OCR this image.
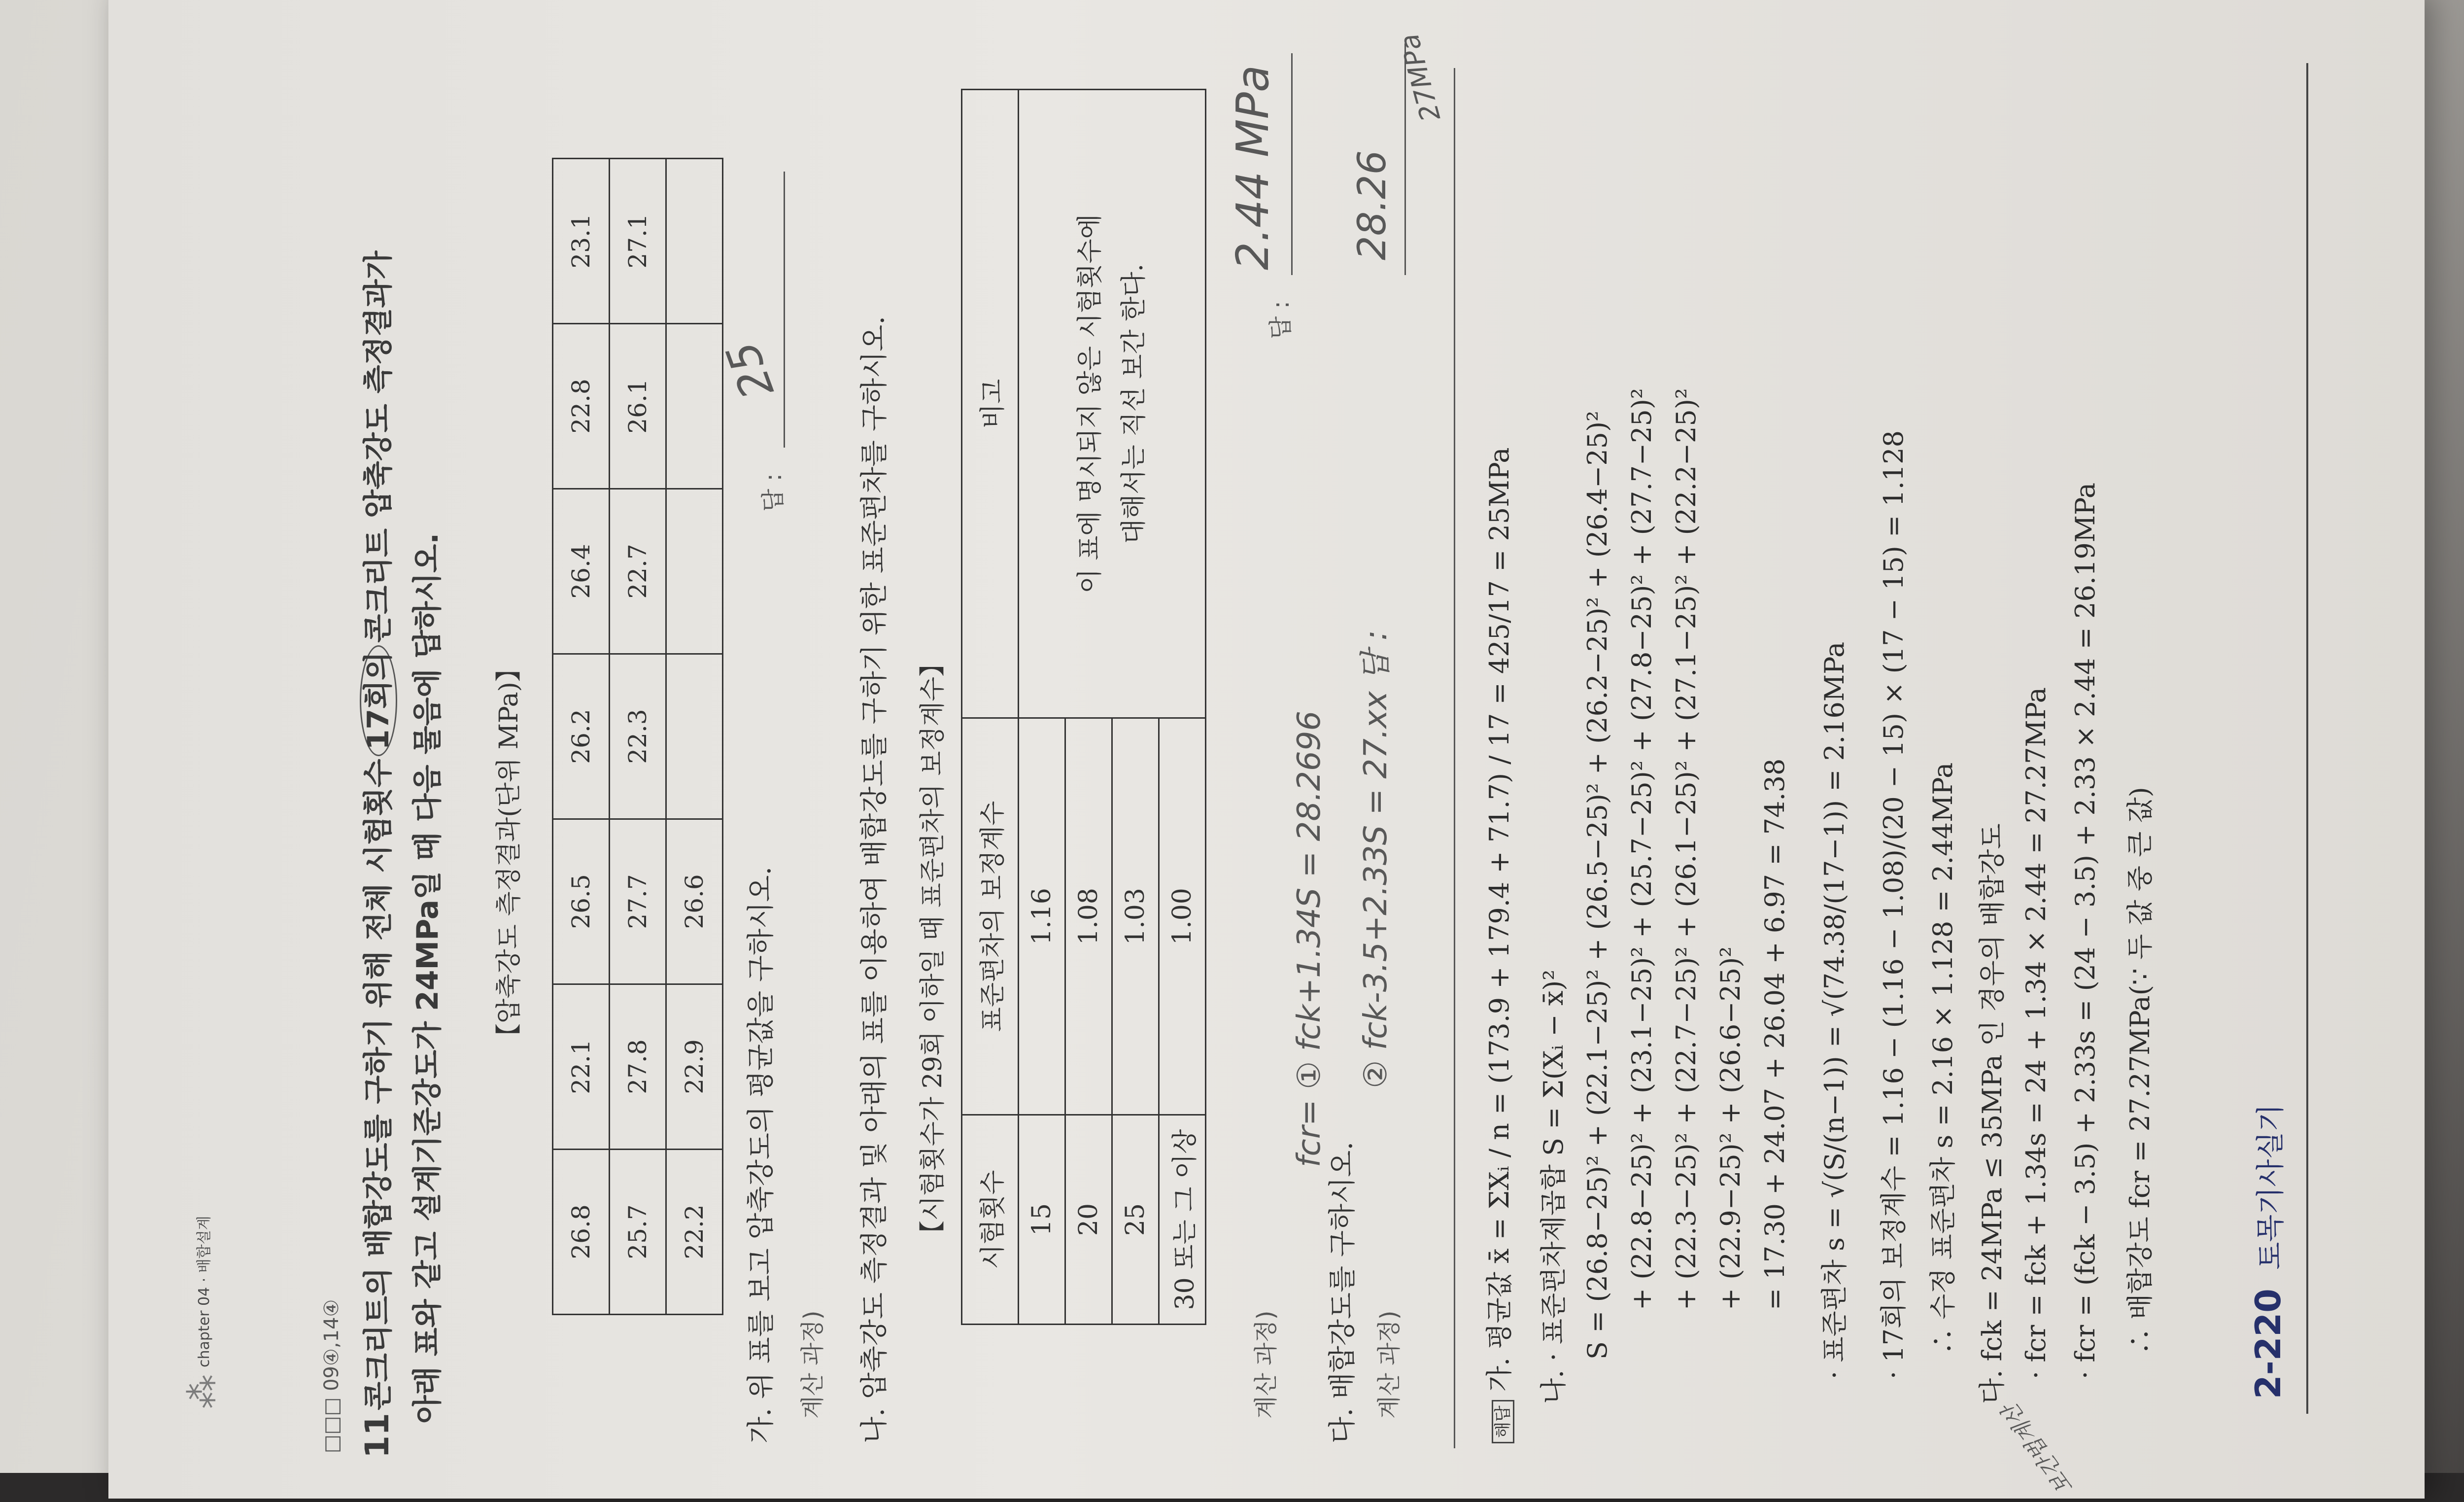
⁂
chapter 04 · 배합설계
□□□ 09④,14④ 11 콘크리트의 배합강도를 구하기 위해 전체 시험횟수 17회의 콘크리트 압축강도 측정결과가
아래 표와 같고 설계기준강도가 24MPa일 때 다음 물음에 답하시오. 【압축강도 측정결과(단위 MPa)】
26.8	22.1	26.5	26.2	26.4	22.8	23.1
25.7	27.8	27.7	22.3	22.7	26.1	27.1
22.2	22.9	26.6				가. 위 표를 보고 압축강도의 평균값을 구하시오. 계산 과정)
답 :
25	나. 압축강도 측정결과 및 아래의 표를 이용하여 배합강도를 구하기 위한 표준편차를 구하시오. 【시험횟수가 29회 이하일 때 표준편차의 보정계수】 시험횟수	표준편차의 보정계수	비고
15	1.16	이 표에 명시되지 않은 시험횟수에 대해서는 직선 보간 한다.

20	1.08	
25	1.03	
30 또는 그 이상	1.00	
계산 과정)
답 :
2.44 MPa
다. 배합강도를 구하시오. 계산 과정)
fcr= ① fck+1.34S = 28.2696 ② fck-3.5+2.33S = 27.xx 답 :
28.26
27MPa
해답 가. 평균값 x̄ = ΣXᵢ / n = (173.9 + 179.4 + 71.7) / 17 = 425/17 = 25MPa 나. · 표준편차제곱합 S = Σ(Xᵢ − x̄)² S = (26.8−25)² + (22.1−25)² + (26.5−25)² + (26.2−25)² + (26.4−25)² + (22.8−25)² + (23.1−25)² + (25.7−25)² + (27.8−25)² + (27.7−25)² + (22.3−25)² + (22.7−25)² + (26.1−25)² + (27.1−25)² + (22.2−25)² + (22.9−25)² + (26.6−25)² = 17.30 + 24.07 + 26.04 + 6.97 = 74.38 · 표준편차 s = √(S/(n−1)) = √(74.38/(17−1)) = 2.16MPa · 17회의 보정계수 = 1.16 − (1.16 − 1.08)/(20 − 15) × (17 − 15) = 1.128 ∴ 수정 표준편차 s = 2.16 × 1.128 = 2.44MPa 다. fck = 24MPa ≤ 35MPa 인 경우의 배합강도 · fcr = fck + 1.34s = 24 + 1.34 × 2.44 = 27.27MPa · fcr = (fck − 3.5) + 2.33s = (24 − 3.5) + 2.33 × 2.44 = 26.19MPa ∴ 배합강도 fcr = 27.27MPa(∵ 두 값 중 큰 값)
보간법계산
2-220 토목기사실기
